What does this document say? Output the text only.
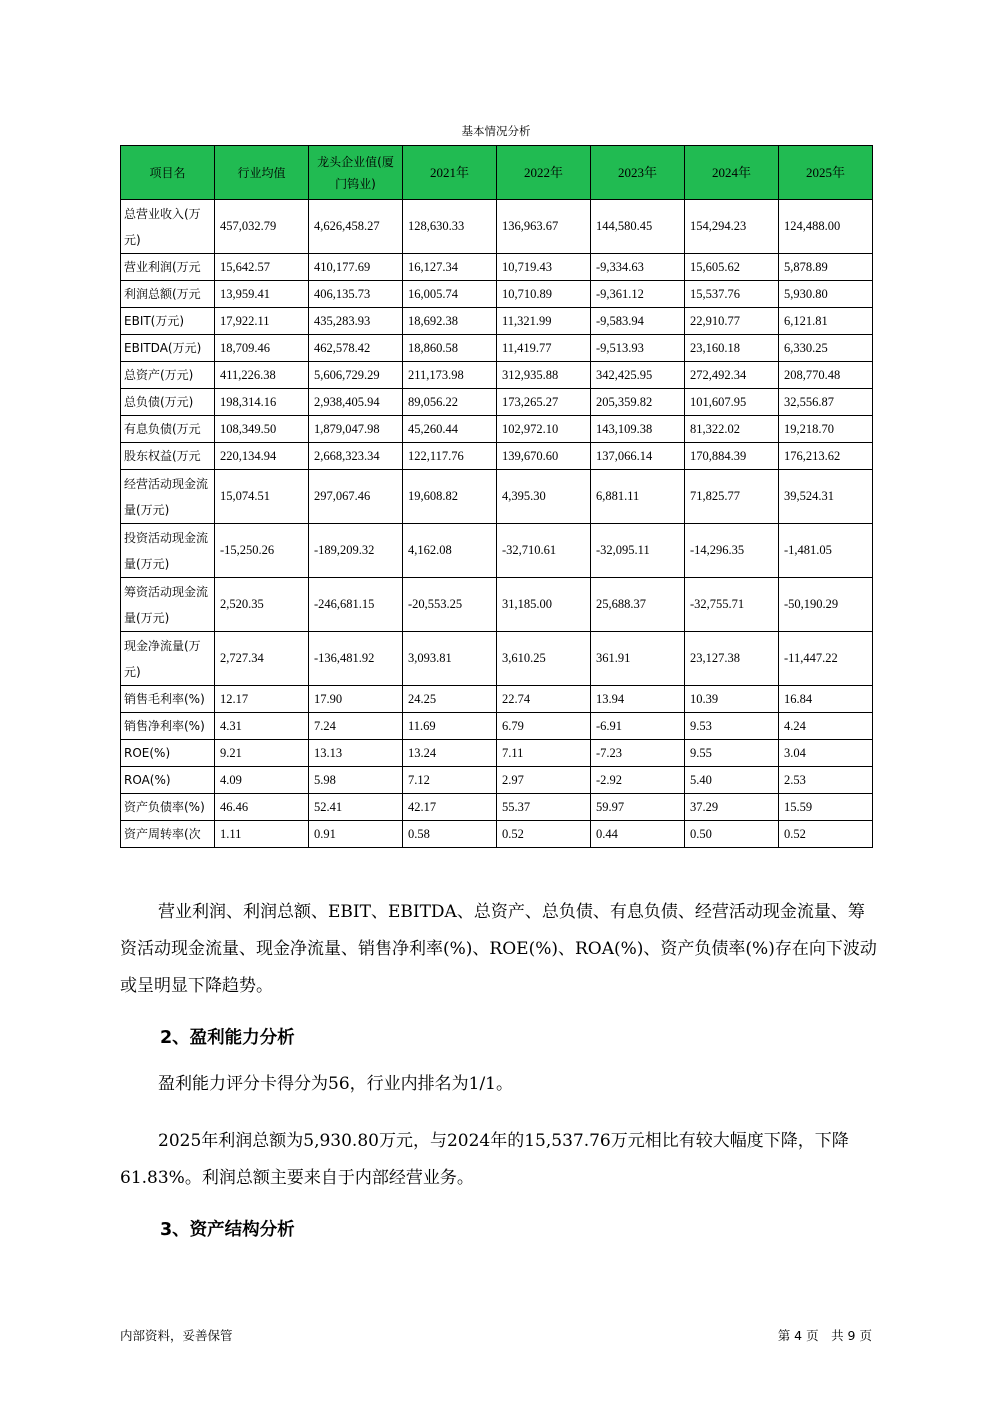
基本情况分析
项目名	行业均值	龙头企业值(厦门钨业)	2021年	2022年	2023年	2024年	2025年
总营业收入(万元)	457,032.79	4,626,458.27	128,630.33	136,963.67	144,580.45	154,294.23	124,488.00
营业利润(万元	15,642.57	410,177.69	16,127.34	10,719.43	-9,334.63	15,605.62	5,878.89
利润总额(万元	13,959.41	406,135.73	16,005.74	10,710.89	-9,361.12	15,537.76	5,930.80
EBIT(万元)	17,922.11	435,283.93	18,692.38	11,321.99	-9,583.94	22,910.77	6,121.81
EBITDA(万元)	18,709.46	462,578.42	18,860.58	11,419.77	-9,513.93	23,160.18	6,330.25
总资产(万元)	411,226.38	5,606,729.29	211,173.98	312,935.88	342,425.95	272,492.34	208,770.48
总负债(万元)	198,314.16	2,938,405.94	89,056.22	173,265.27	205,359.82	101,607.95	32,556.87
有息负债(万元	108,349.50	1,879,047.98	45,260.44	102,972.10	143,109.38	81,322.02	19,218.70
股东权益(万元	220,134.94	2,668,323.34	122,117.76	139,670.60	137,066.14	170,884.39	176,213.62
经营活动现金流量(万元)	15,074.51	297,067.46	19,608.82	4,395.30	6,881.11	71,825.77	39,524.31
投资活动现金流量(万元)	-15,250.26	-189,209.32	4,162.08	-32,710.61	-32,095.11	-14,296.35	-1,481.05
筹资活动现金流量(万元)	2,520.35	-246,681.15	-20,553.25	31,185.00	25,688.37	-32,755.71	-50,190.29
现金净流量(万元)	2,727.34	-136,481.92	3,093.81	3,610.25	361.91	23,127.38	-11,447.22
销售毛利率(%)	12.17	17.90	24.25	22.74	13.94	10.39	16.84
销售净利率(%)	4.31	7.24	11.69	6.79	-6.91	9.53	4.24
ROE(%)	9.21	13.13	13.24	7.11	-7.23	9.55	3.04
ROA(%)	4.09	5.98	7.12	2.97	-2.92	5.40	2.53
资产负债率(%)	46.46	52.41	42.17	55.37	59.97	37.29	15.59
资产周转率(次	1.11	0.91	0.58	0.52	0.44	0.50	0.52
营业利润、利润总额、EBIT、EBITDA、总资产、总负债、有息负债、经营活动现金流量、筹资活动现金流量、现金净流量、销售净利率(%)、ROE(%)、ROA(%)、资产负债率(%)存在向下波动或呈明显下降趋势。
2、盈利能力分析
盈利能力评分卡得分为56，行业内排名为1/1。
2025年利润总额为5,930.80万元，与2024年的15,537.76万元相比有较大幅度下降，下降61.83%。利润总额主要来自于内部经营业务。
3、资产结构分析
内部资料，妥善保管	第 4 页　共 9 页
